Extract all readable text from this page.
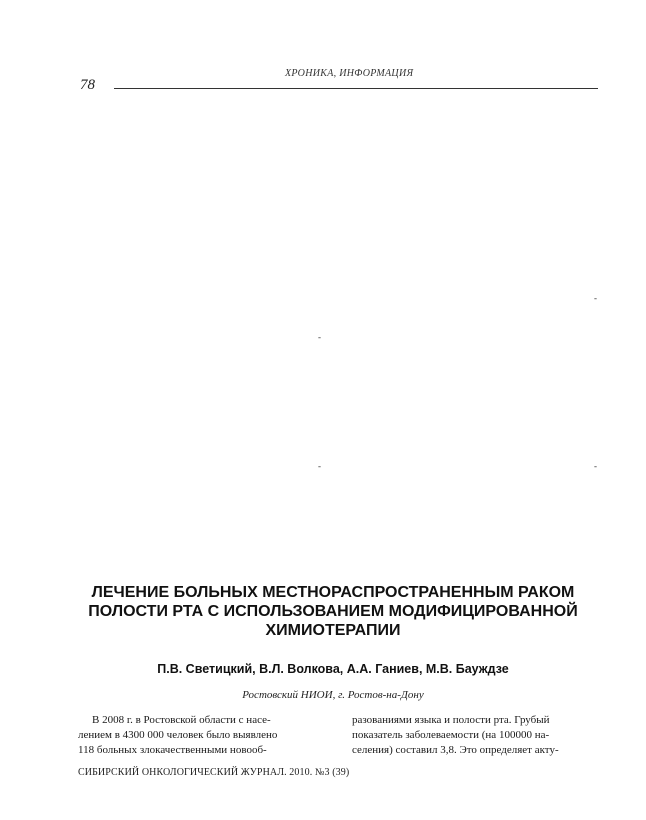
ХРОНИКА, ИНФОРМАЦИЯ
78
-
-
-	-
ЛЕЧЕНИЕ БОЛЬНЫХ МЕСТНОРАСПРОСТРАНЕННЫМ РАКОМ
ПОЛОСТИ РТА С ИСПОЛЬЗОВАНИЕМ МОДИФИЦИРОВАННОЙ
ХИМИОТЕРАПИИ
П.В. Светицкий, В.Л. Волкова, А.А. Ганиев, М.В. Бауждзе
Ростовский НИОИ, г. Ростов-на-Дону

В 2008 г. в Ростовской области с насе-

лением в 4300 000 человек было выявлено

118 больных злокачественными новооб-

разованиями языка и полости рта. Грубый

показатель заболеваемости (на 100000 на-

селения) составил 3,8. Это определяет акту-

СИБИРСКИЙ ОНКОЛОГИЧЕСКИЙ ЖУРНАЛ. 2010. №3 (39)
